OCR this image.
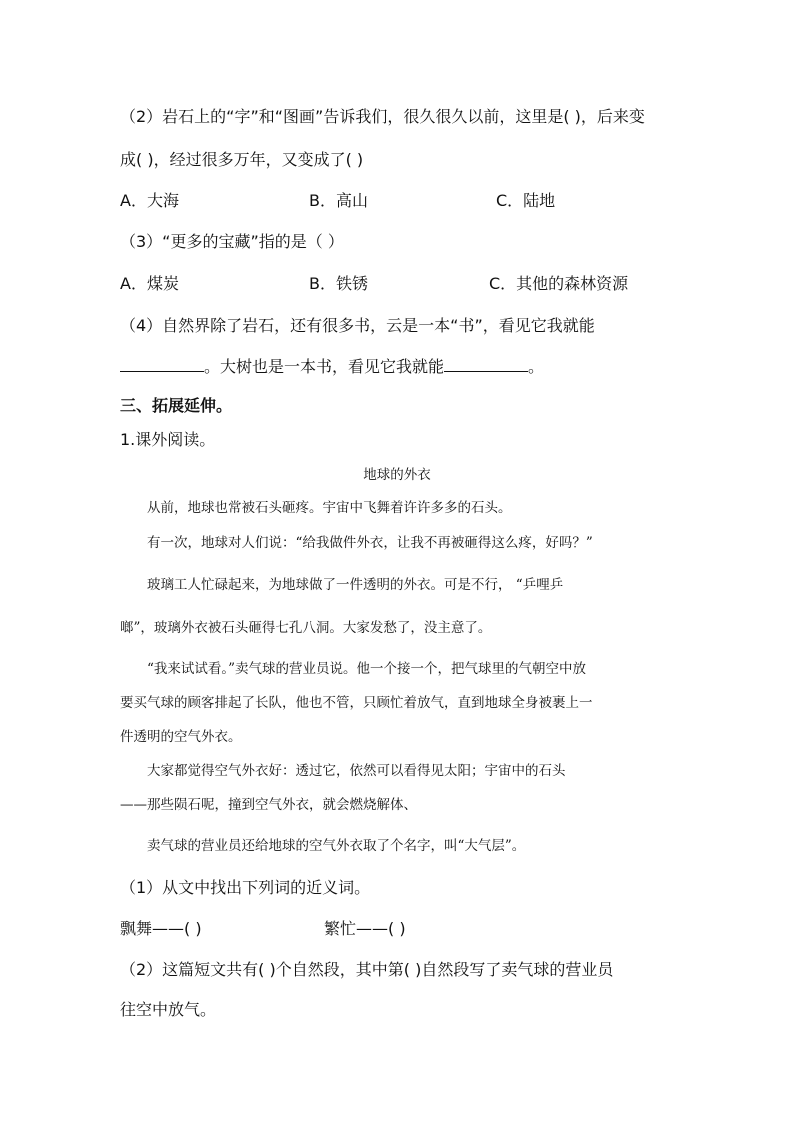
（2）岩石上的“字”和“图画”告诉我们，很久很久以前，这里是( )，后来变
成( )，经过很多万年，又变成了( )
A．大海	B．高山	C．陆地
（3）“更多的宝藏”指的是（ ）
A．煤炭	B．铁锈	C．其他的森林资源
（4）自然界除了岩石，还有很多书，云是一本“书”，看见它我就能
。大树也是一本书，看见它我就能	。
三、拓展延伸。
1.课外阅读。
地球的外衣
从前，地球也常被石头砸疼。宇宙中飞舞着许许多多的石头。
有一次，地球对人们说：“给我做件外衣，让我不再被砸得这么疼，好吗？”
玻璃工人忙碌起来，为地球做了一件透明的外衣。可是不行， “乒哩乒
啷”，玻璃外衣被石头砸得七孔八洞。大家发愁了，没主意了。
“我来试试看。”卖气球的营业员说。他一个接一个，把气球里的气朝空中放
要买气球的顾客排起了长队，他也不管，只顾忙着放气，直到地球全身被裹上一
件透明的空气外衣。
大家都觉得空气外衣好：透过它，依然可以看得见太阳；宇宙中的石头
——那些陨石呢，撞到空气外衣，就会燃烧解体、
卖气球的营业员还给地球的空气外衣取了个名字，叫“大气层”。
（1）从文中找出下列词的近义词。
飘舞——( )	繁忙——( )
（2）这篇短文共有( )个自然段，其中第( )自然段写了卖气球的营业员
往空中放气。
